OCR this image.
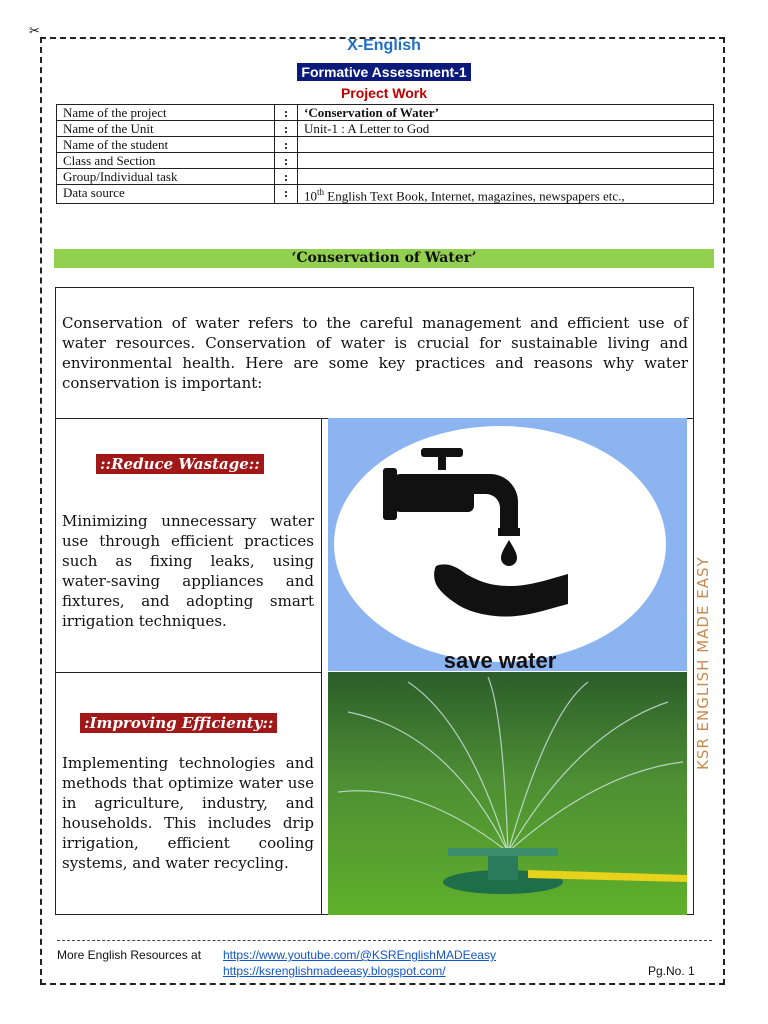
✂
X-English
Formative Assessment-1
Project Work
Name of the project	:	‘Conservation of Water’
Name of the Unit	:	Unit-1 : A Letter to God
Name of the student	:	
Class and Section	:	
Group/Individual task	:	
Data source	:	10th English Text Book, Internet, magazines, newspapers etc.,
‘Conservation of Water’
Conservation of water refers to the careful management and efficient use of water resources. Conservation of water is crucial for sustainable living and environmental health. Here are some key practices and reasons why water conservation is important:
::Reduce Wastage::
Minimizing unnecessary water use through efficient practices such as fixing leaks, using water-saving appliances and fixtures, and adopting smart irrigation techniques.
:Improving Efficienty::
Implementing technologies and methods that optimize water use in agriculture, industry, and households. This includes drip irrigation, efficient cooling systems, and water recycling.
save water	KSR ENGLISH MADE EASY
More English Resources at https://www.youtube.com/@KSREnglishMADEeasy
https://ksrenglishmadeeasy.blogspot.com/	Pg.No. 1
